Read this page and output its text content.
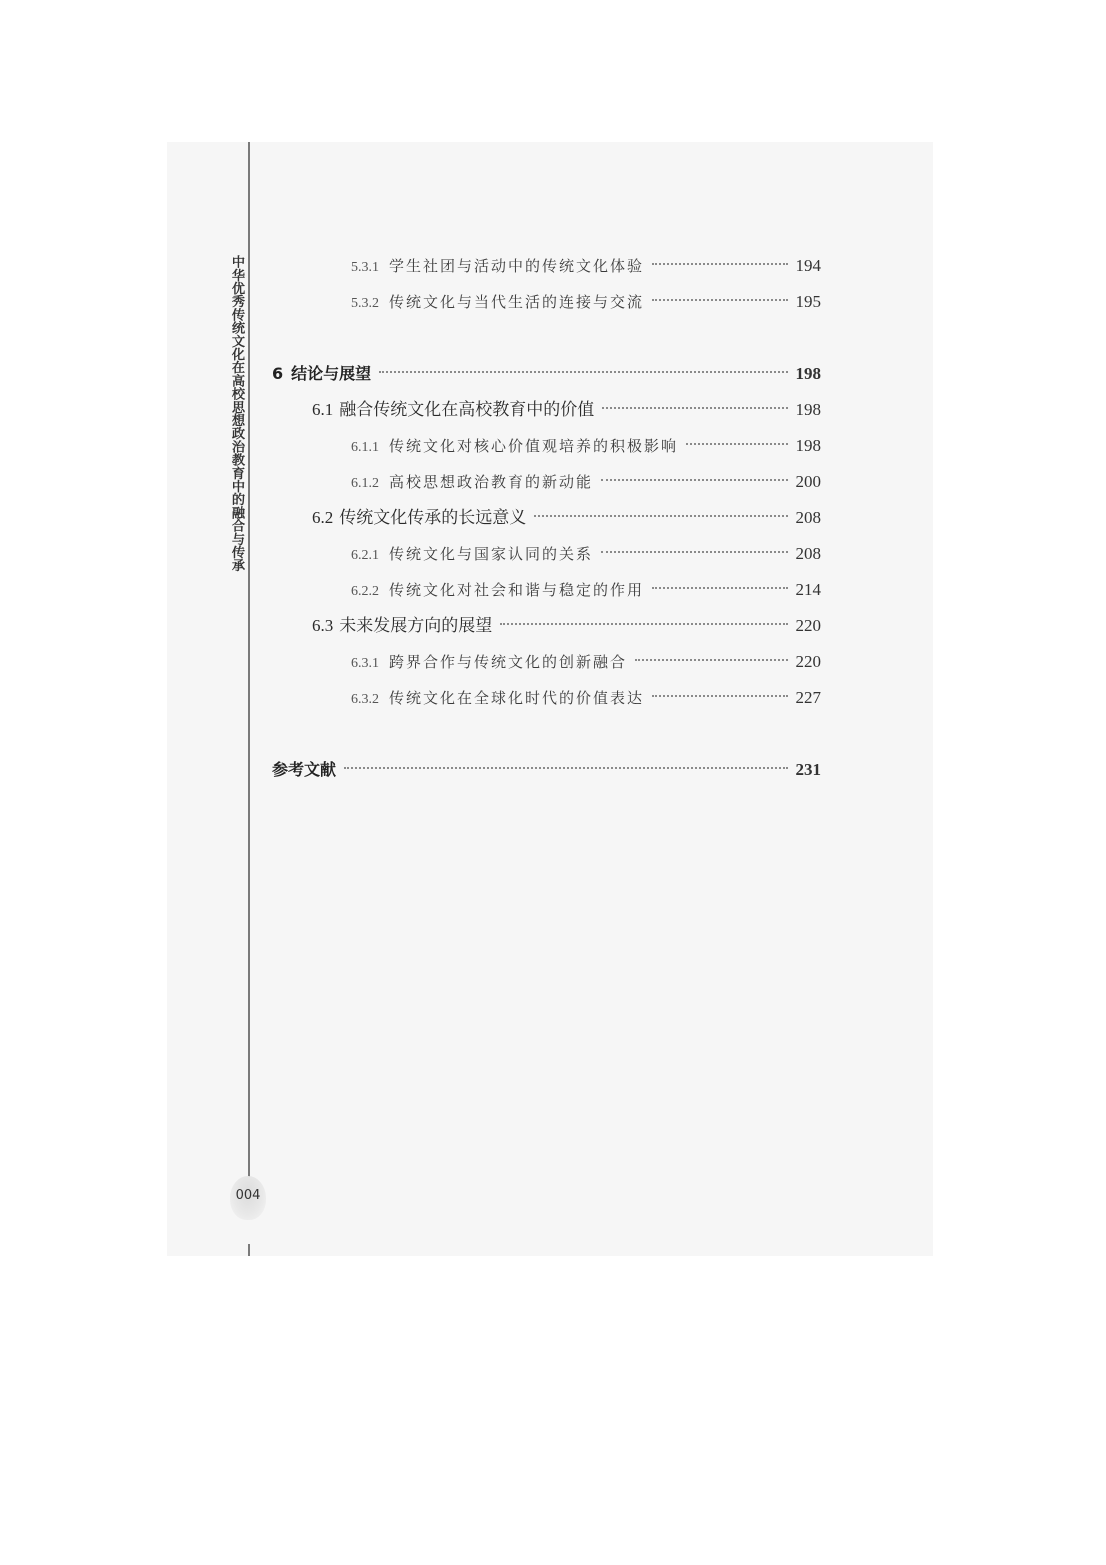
中华优秀传统文化在高校思想政治教育中的融合与传承
004
5.3.1 学生社团与活动中的传统文化体验	194
5.3.2 传统文化与当代生活的连接与交流	195
6 结论与展望	198
6.1 融合传统文化在高校教育中的价值	198
6.1.1 传统文化对核心价值观培养的积极影响	198
6.1.2 高校思想政治教育的新动能	200
6.2 传统文化传承的长远意义	208
6.2.1 传统文化与国家认同的关系	208
6.2.2 传统文化对社会和谐与稳定的作用	214
6.3 未来发展方向的展望	220
6.3.1 跨界合作与传统文化的创新融合	220
6.3.2 传统文化在全球化时代的价值表达	227
参考文献	231
